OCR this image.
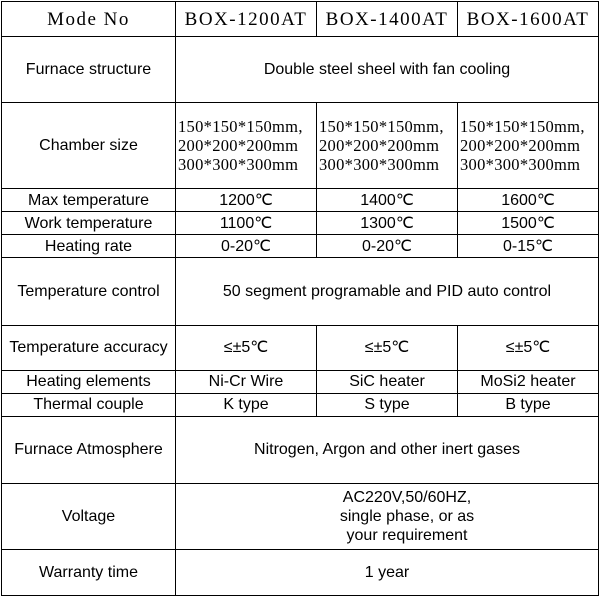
Mode No	BOX-1200AT	BOX-1400AT	BOX-1600AT
Furnace structure	Double steel sheel with fan cooling		
Chamber size	150*150*150mm,
200*200*200mm
300*300*300mm	150*150*150mm,
200*200*200mm
300*300*300mm	150*150*150mm,
200*200*200mm
300*300*300mm

Max temperature	1200℃	1400℃	1600℃
Work temperature	1100℃	1300℃	1500℃
Heating rate	0-20℃	0-20℃	0-15℃
Temperature control	50 segment programable and PID auto control		
Temperature accuracy	≤±5℃	≤±5℃	≤±5℃
Heating elements	Ni-Cr Wire	SiC heater	MoSi2 heater
Thermal couple	K type	S type	B type
Furnace Atmosphere	Nitrogen, Argon and other inert gases		
Voltage	AC220V,50/60HZ, single phase, or as your requirement		
Warranty time	1 year		
